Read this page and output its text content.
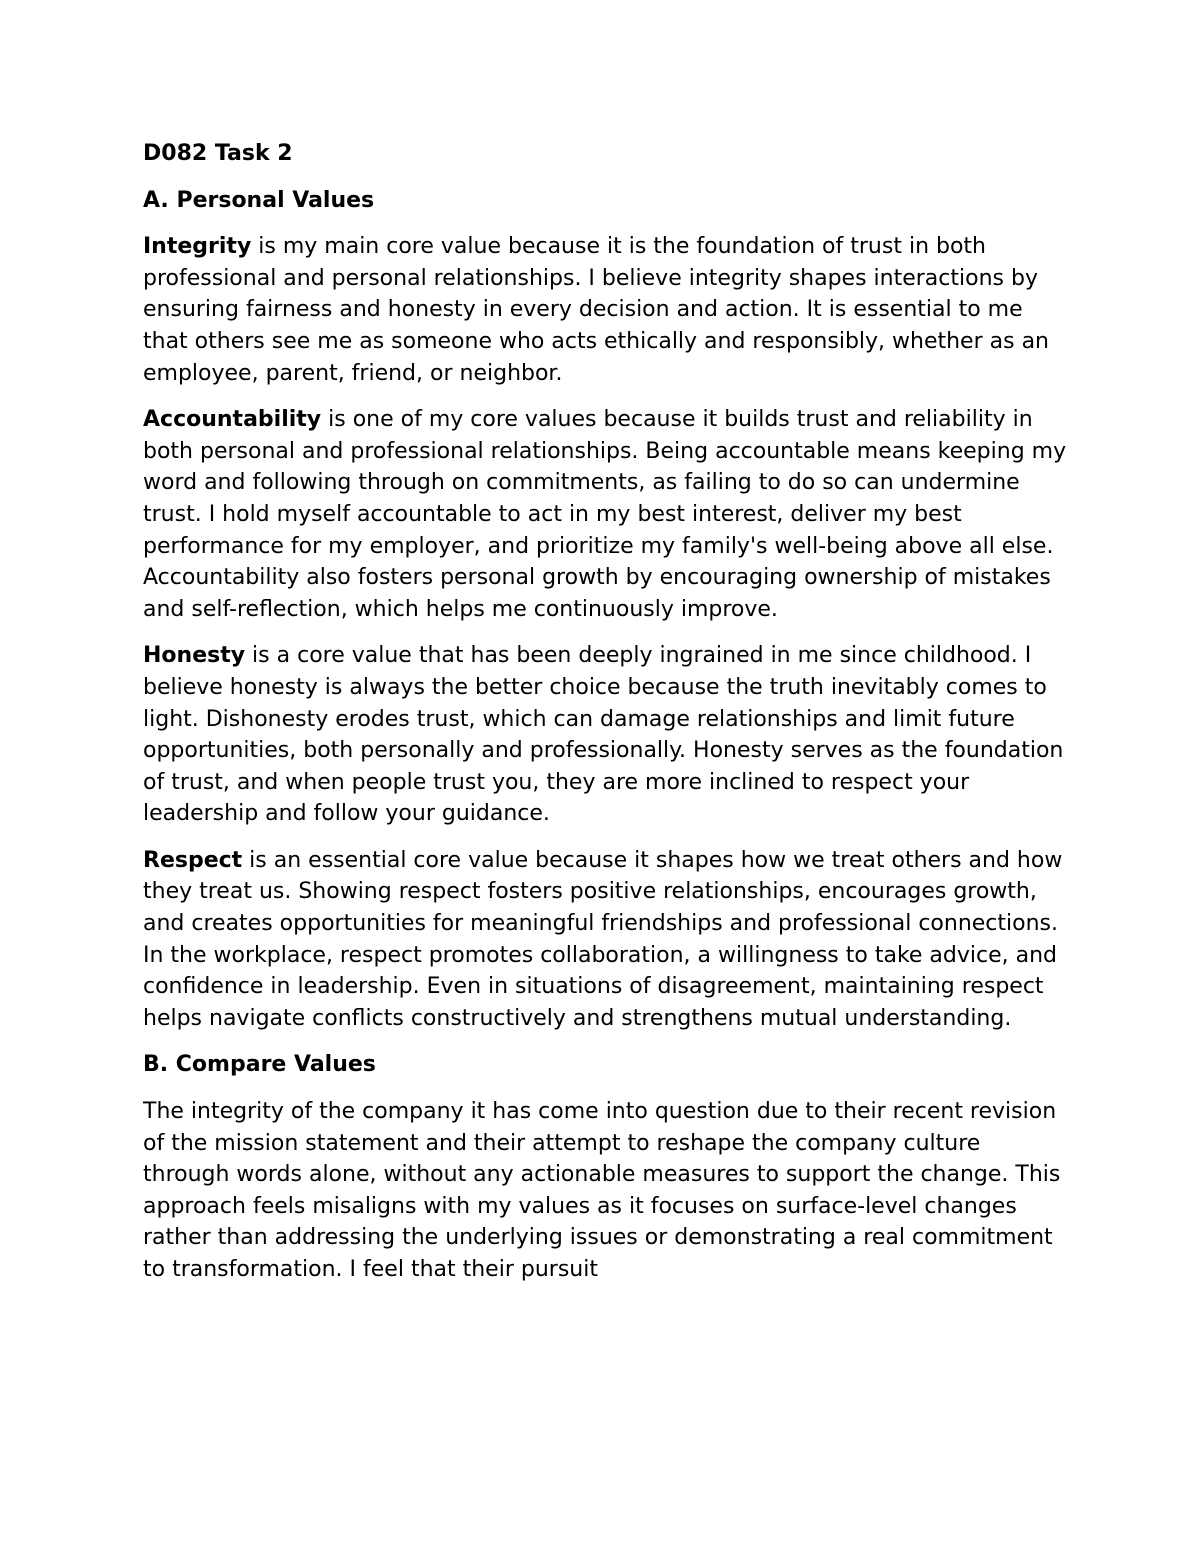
D082 Task 2
A. Personal Values

Integrity is my main core value because it is the foundation of trust in both professional and personal relationships. I believe integrity shapes interactions by ensuring fairness and honesty in every decision and action. It is essential to me that others see me as someone who acts ethically and responsibly, whether as an employee, parent, friend, or neighbor.

Accountability is one of my core values because it builds trust and reliability in both personal and professional relationships. Being accountable means keeping my word and following through on commitments, as failing to do so can undermine trust. I hold myself accountable to act in my best interest, deliver my best performance for my employer, and prioritize my family's well-being above all else. Accountability also fosters personal growth by encouraging ownership of mistakes and self-reflection, which helps me continuously improve.

Honesty is a core value that has been deeply ingrained in me since childhood. I believe honesty is always the better choice because the truth inevitably comes to light. Dishonesty erodes trust, which can damage relationships and limit future opportunities, both personally and professionally. Honesty serves as the foundation of trust, and when people trust you, they are more inclined to respect your leadership and follow your guidance.

Respect is an essential core value because it shapes how we treat others and how they treat us. Showing respect fosters positive relationships, encourages growth, and creates opportunities for meaningful friendships and professional connections. In the workplace, respect promotes collaboration, a willingness to take advice, and confidence in leadership. Even in situations of disagreement, maintaining respect helps navigate conflicts constructively and strengthens mutual understanding.

B. Compare Values

The integrity of the company it has come into question due to their recent revision of the mission statement and their attempt to reshape the company culture through words alone, without any actionable measures to support the change. This approach feels misaligns with my values as it focuses on surface-level changes rather than addressing the underlying issues or demonstrating a real commitment to transformation. I feel that their pursuit
